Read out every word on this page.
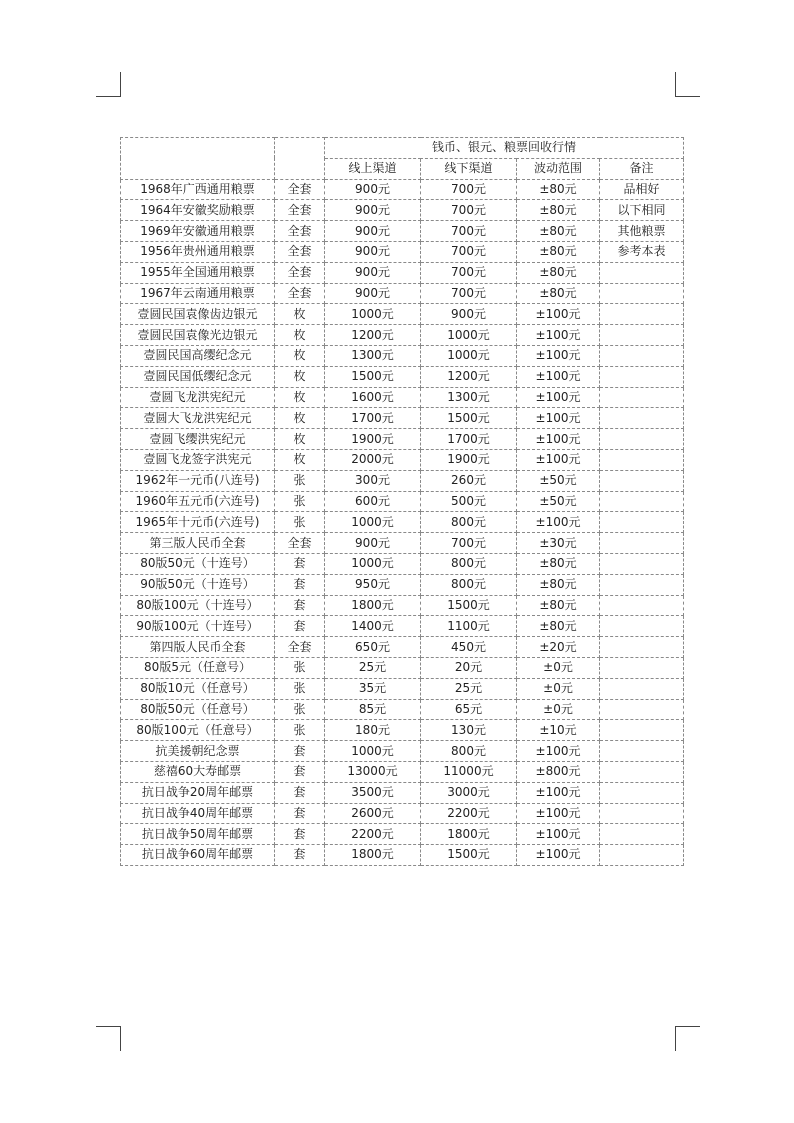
		钱币、银元、粮票回收行情			
		线上渠道	线下渠道	波动范围	备注
1968年广西通用粮票	全套	900元	700元	±80元	品相好
1964年安徽奖励粮票	全套	900元	700元	±80元	以下相同
1969年安徽通用粮票	全套	900元	700元	±80元	其他粮票
1956年贵州通用粮票	全套	900元	700元	±80元	参考本表
1955年全国通用粮票	全套	900元	700元	±80元	
1967年云南通用粮票	全套	900元	700元	±80元	
壹圆民国袁像齿边银元	枚	1000元	900元	±100元	
壹圆民国袁像光边银元	枚	1200元	1000元	±100元	
壹圆民国高缨纪念元	枚	1300元	1000元	±100元	
壹圆民国低缨纪念元	枚	1500元	1200元	±100元	
壹圆飞龙洪宪纪元	枚	1600元	1300元	±100元	
壹圆大飞龙洪宪纪元	枚	1700元	1500元	±100元	
壹圆飞缨洪宪纪元	枚	1900元	1700元	±100元	
壹圆飞龙签字洪宪元	枚	2000元	1900元	±100元	
1962年一元币(八连号)	张	300元	260元	±50元	
1960年五元币(六连号)	张	600元	500元	±50元	
1965年十元币(六连号)	张	1000元	800元	±100元	
第三版人民币全套	全套	900元	700元	±30元	
80版50元（十连号）	套	1000元	800元	±80元	
90版50元（十连号）	套	950元	800元	±80元	
80版100元（十连号）	套	1800元	1500元	±80元	
90版100元（十连号）	套	1400元	1100元	±80元	
第四版人民币全套	全套	650元	450元	±20元	
80版5元（任意号）	张	25元	20元	±0元	
80版10元（任意号）	张	35元	25元	±0元	
80版50元（任意号）	张	85元	65元	±0元	
80版100元（任意号）	张	180元	130元	±10元	
抗美援朝纪念票	套	1000元	800元	±100元	
慈禧60大寿邮票	套	13000元	11000元	±800元	
抗日战争20周年邮票	套	3500元	3000元	±100元	
抗日战争40周年邮票	套	2600元	2200元	±100元	
抗日战争50周年邮票	套	2200元	1800元	±100元	
抗日战争60周年邮票	套	1800元	1500元	±100元	
